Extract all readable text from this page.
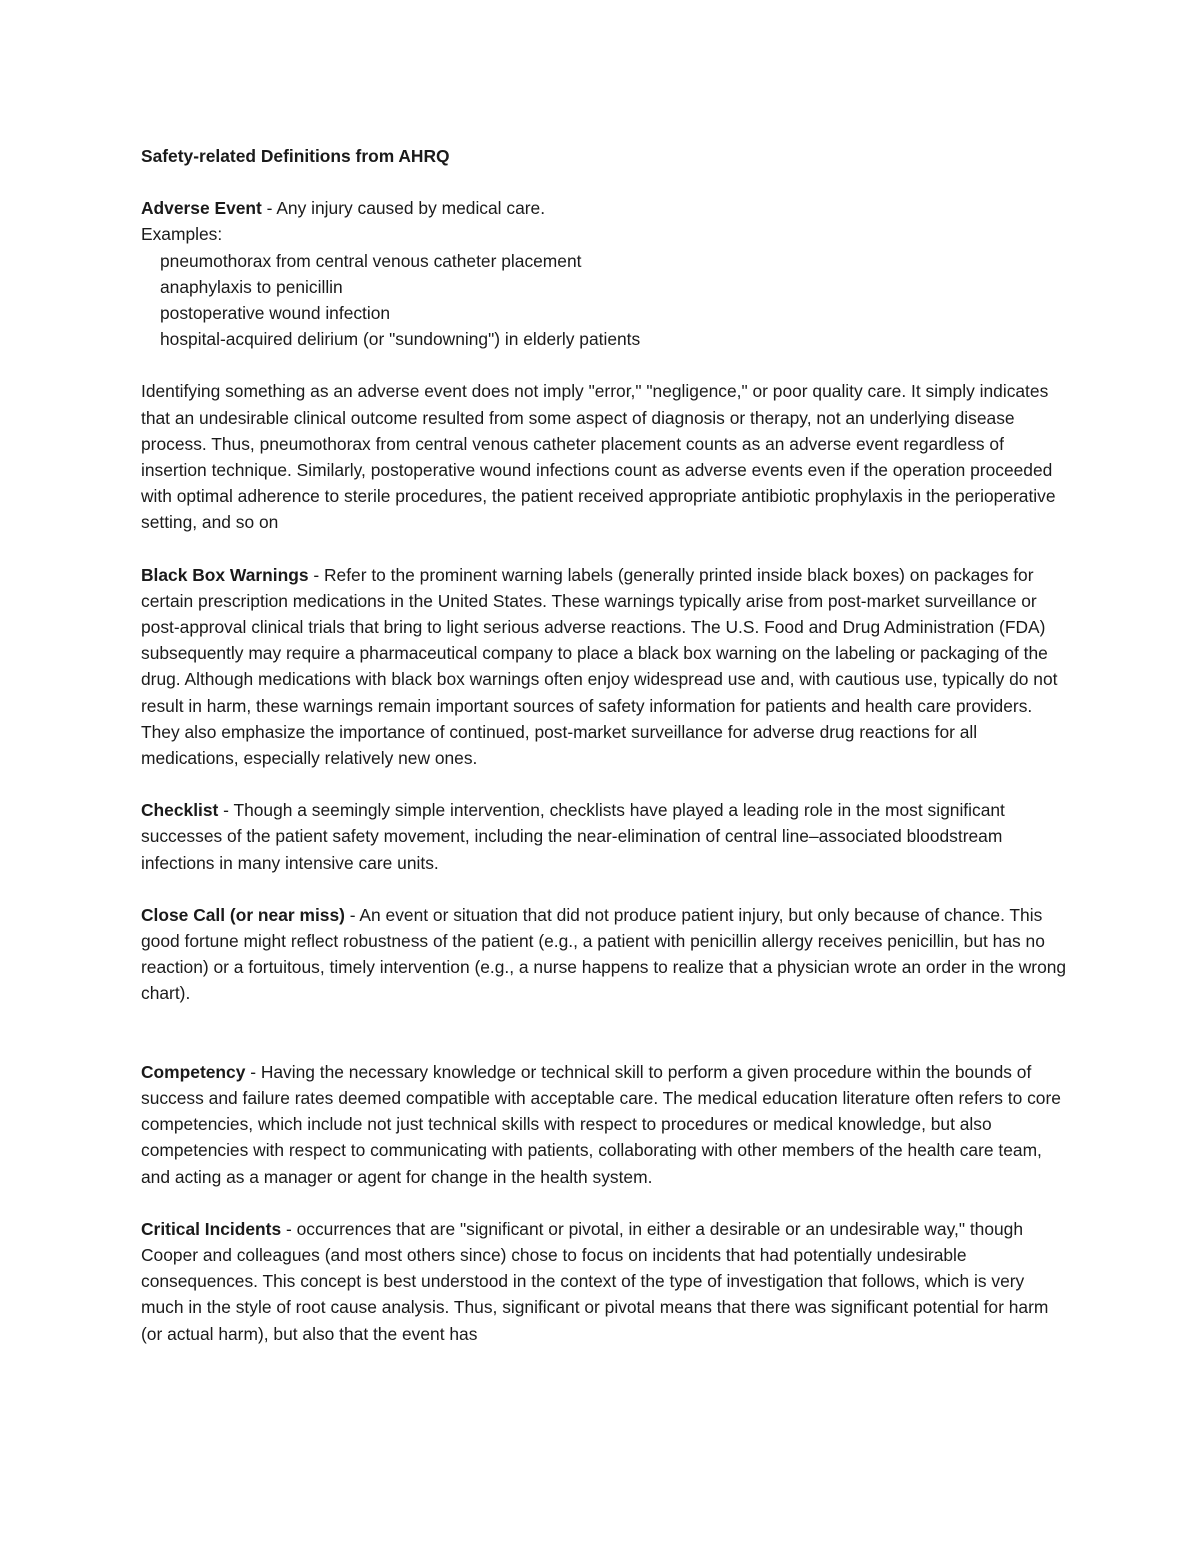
Safety-related Definitions from AHRQ

Adverse Event - Any injury caused by medical care.

Examples:
pneumothorax from central venous catheter placement
anaphylaxis to penicillin
postoperative wound infection
hospital-acquired delirium (or "sundowning") in elderly patients

Identifying something as an adverse event does not imply "error," "negligence," or poor quality care. It simply indicates that an undesirable clinical outcome resulted from some aspect of diagnosis or therapy, not an underlying disease process. Thus, pneumothorax from central venous catheter placement counts as an adverse event regardless of insertion technique. Similarly, postoperative wound infections count as adverse events even if the operation proceeded with optimal adherence to sterile procedures, the patient received appropriate antibiotic prophylaxis in the perioperative setting, and so on

Black Box Warnings - Refer to the prominent warning labels (generally printed inside black boxes) on packages for certain prescription medications in the United States. These warnings typically arise from post-market surveillance or post-approval clinical trials that bring to light serious adverse reactions. The U.S. Food and Drug Administration (FDA) subsequently may require a pharmaceutical company to place a black box warning on the labeling or packaging of the drug. Although medications with black box warnings often enjoy widespread use and, with cautious use, typically do not result in harm, these warnings remain important sources of safety information for patients and health care providers. They also emphasize the importance of continued, post-market surveillance for adverse drug reactions for all medications, especially relatively new ones.

Checklist - Though a seemingly simple intervention, checklists have played a leading role in the most significant successes of the patient safety movement, including the near-elimination of central line–associated bloodstream infections in many intensive care units.

Close Call (or near miss) - An event or situation that did not produce patient injury, but only because of chance. This good fortune might reflect robustness of the patient (e.g., a patient with penicillin allergy receives penicillin, but has no reaction) or a fortuitous, timely intervention (e.g., a nurse happens to realize that a physician wrote an order in the wrong chart).

Competency - Having the necessary knowledge or technical skill to perform a given procedure within the bounds of success and failure rates deemed compatible with acceptable care. The medical education literature often refers to core competencies, which include not just technical skills with respect to procedures or medical knowledge, but also competencies with respect to communicating with patients, collaborating with other members of the health care team, and acting as a manager or agent for change in the health system.

Critical Incidents - occurrences that are "significant or pivotal, in either a desirable or an undesirable way," though Cooper and colleagues (and most others since) chose to focus on incidents that had potentially undesirable consequences. This concept is best understood in the context of the type of investigation that follows, which is very much in the style of root cause analysis. Thus, significant or pivotal means that there was significant potential for harm (or actual harm), but also that the event has
